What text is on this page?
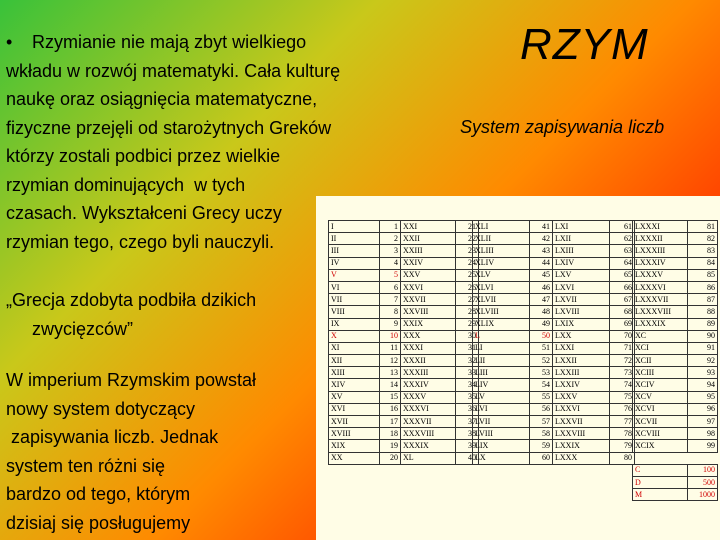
• Rzymianie nie mają zbyt wielkiego
wkładu w rozwój matematyki. Cała kulturę
naukę oraz osiągnięcia matematyczne,
fizyczne przejęli od starożytnych Greków
którzy zostali podbici przez wielkie
rzymian dominujących  w tych
czasach. Wykształceni Grecy uczy
rzymian tego, czego byli nauczyli.
„Grecja zdobyta podbiła dzikich
zwycięzców”
W imperium Rzymskim powstał
nowy system dotyczący
zapisywania liczb. Jednak
system ten różni się
bardzo od tego, którym
dzisiaj się posługujemy
RZYM
System zapisywania liczb
I	1
II	2
III	3
IV	4
V	5
VI	6
VII	7
VIII	8
IX	9
X	10
XI	11
XII	12
XIII	13
XIV	14
XV	15
XVI	16
XVII	17
XVIII	18
XIX	19
XX	20
XXI	21
XXII	22
XXIII	23
XXIV	24
XXV	25
XXVI	26
XXVII	27
XXVIII	28
XXIX	29
XXX	30
XXXI	31
XXXII	32
XXXIII	33
XXXIV	34
XXXV	35
XXXVI	36
XXXVII	37
XXXVIII	38
XXXIX	39
XL	40
XLI	41
XLII	42
XLIII	43
XLIV	44
XLV	45
XLVI	46
XLVII	47
XLVIII	48
XLIX	49
L	50
LI	51
LII	52
LIII	53
LIV	54
LV	55
LVI	56
LVII	57
LVIII	58
LIX	59
LX	60
LXI	61
LXII	62
LXIII	63
LXIV	64
LXV	65
LXVI	66
LXVII	67
LXVIII	68
LXIX	69
LXX	70
LXXI	71
LXXII	72
LXXIII	73
LXXIV	74
LXXV	75
LXXVI	76
LXXVII	77
LXXVIII	78
LXXIX	79
LXXX	80
LXXXI	81
LXXXII	82
LXXXIII	83
LXXXIV	84
LXXXV	85
LXXXVI	86
LXXXVII	87
LXXXVIII	88
LXXXIX	89
XC	90
XCI	91
XCII	92
XCIII	93
XCIV	94
XCV	95
XCVI	96
XCVII	97
XCVIII	98
XCIX	99

C	100
D	500
M	1000
